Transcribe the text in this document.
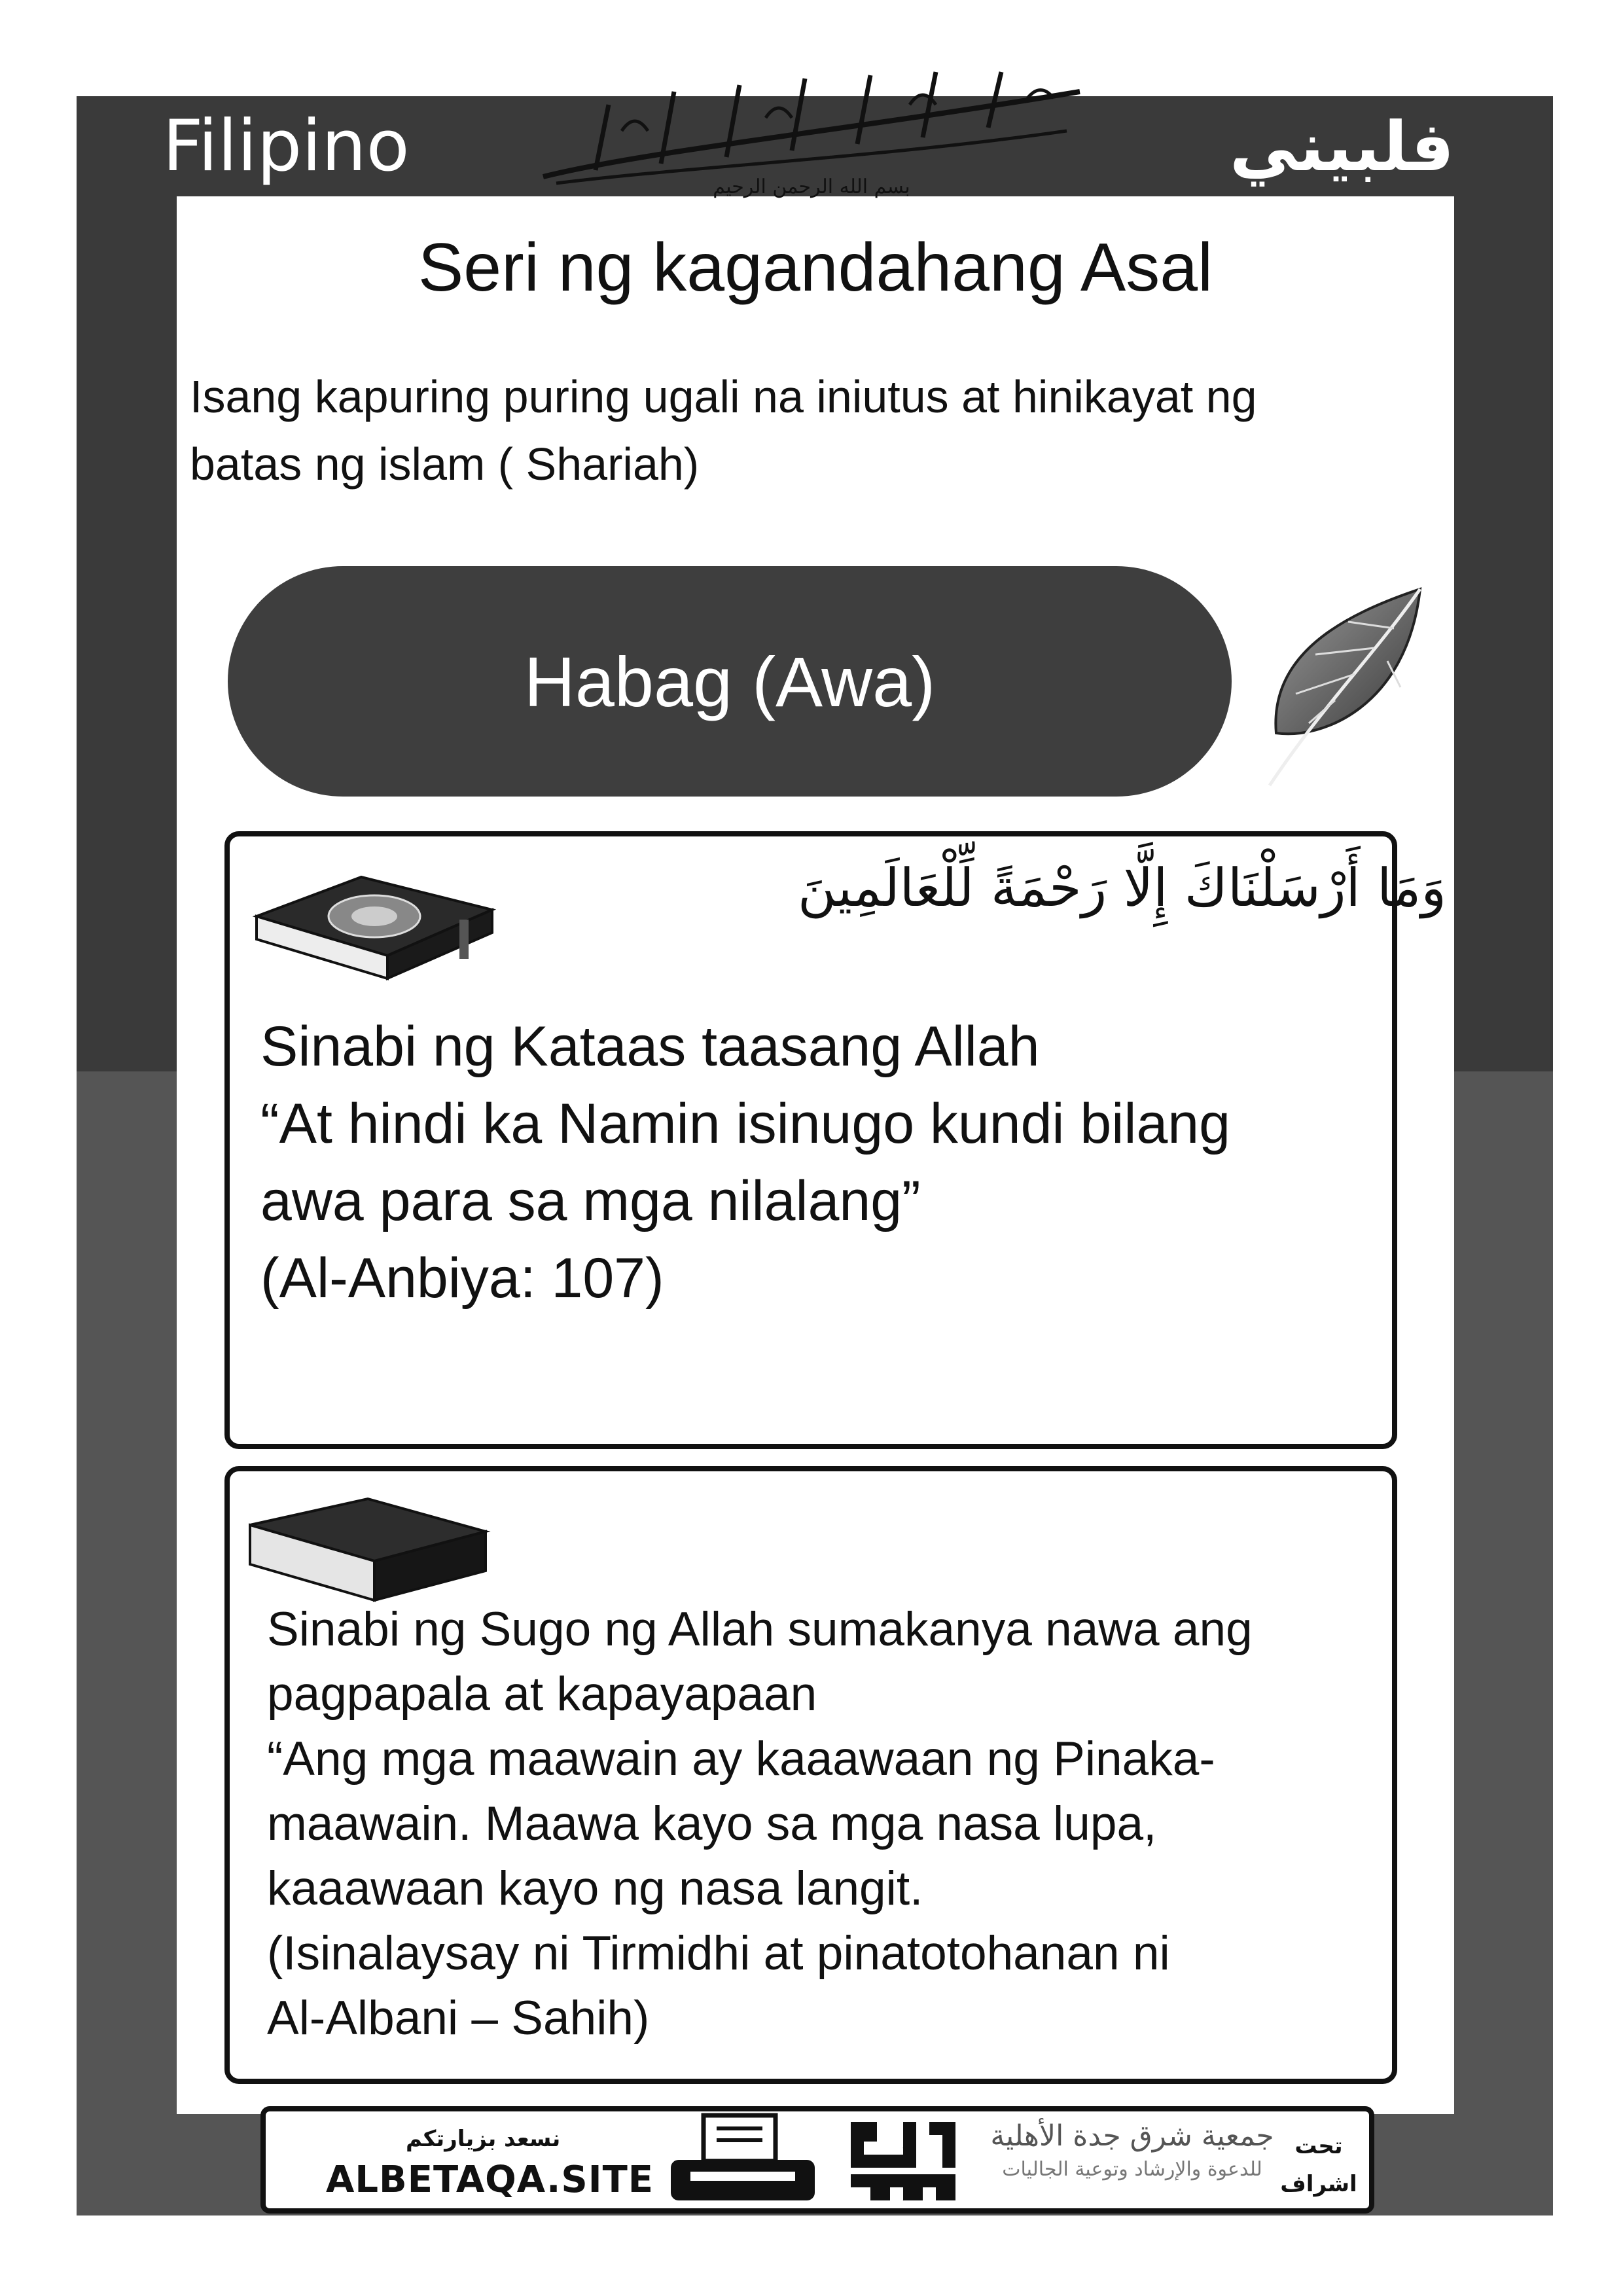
Filipino	فلبيني
بسم الله الرحمن الرحيم
Seri ng kagandahang Asal
Isang kapuring puring ugali na iniutus at hinikayat ng
batas ng islam ( Shariah)
Habag (Awa)
وَمَا أَرْسَلْنَاكَ إِلَّا رَحْمَةً لِّلْعَالَمِينَ
Sinabi ng Kataas taasang Allah
“At hindi ka Namin isinugo kundi bilang
awa para sa mga nilalang”
(Al-Anbiya: 107)
Sinabi ng Sugo ng Allah sumakanya nawa ang
pagpapala at kapayapaan
“Ang mga maawain ay kaaawaan ng Pinaka-
maawain. Maawa kayo sa mga nasa lupa,
kaaawaan kayo ng nasa langit.
(Isinalaysay ni Tirmidhi at pinatotohanan ni
Al-Albani – Sahih)
نسعد بزيارتكم
ALBETAQA.SITE
دعوة
الورقة
جمعية شرق جدة الأهلية
للدعوة والإرشاد وتوعية الجاليات
تحت
اشراف
